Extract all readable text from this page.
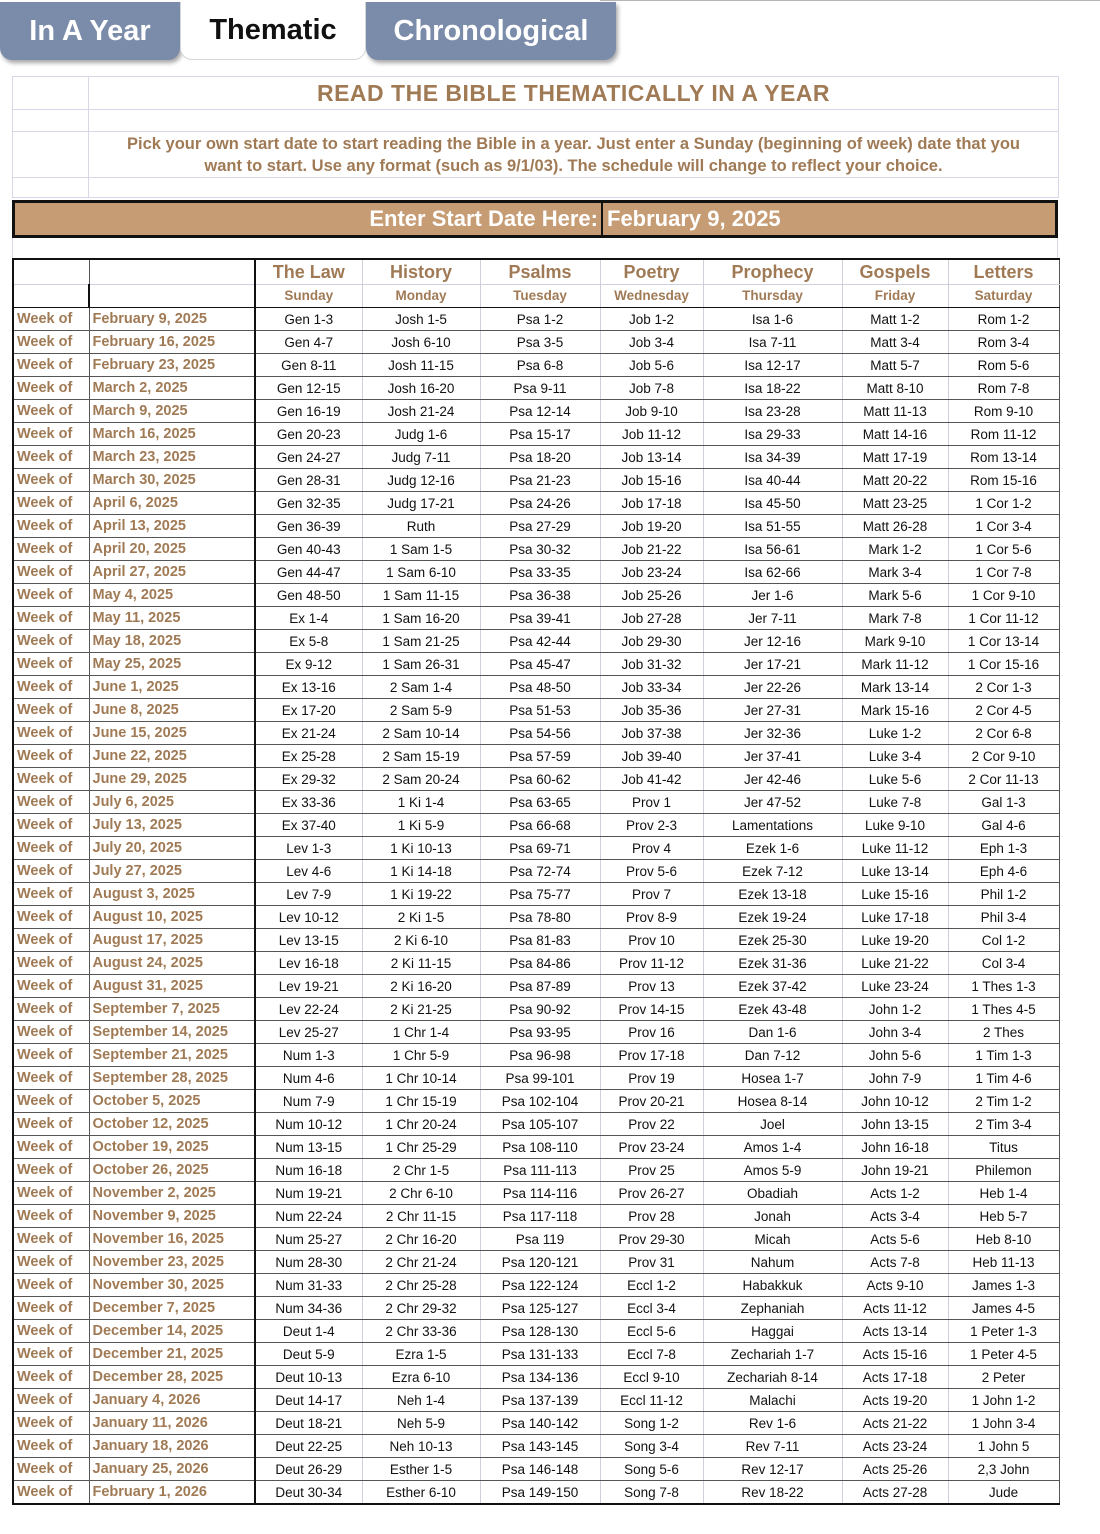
In A Year	Thematic	Chronological
	READ THE BIBLE THEMATICALLY IN A YEAR

	Pick your own start date to start reading the Bible in a year. Just enter a Sunday (beginning of week) date that you
want to start. Use any format (such as 9/1/03). The schedule will change to reflect your choice.

Enter Start Date Here: February 9, 2025
		The Law	History	Psalms	Poetry	Prophecy	Gospels	Letters
		Sunday	Monday	Tuesday	Wednesday	Thursday	Friday	Saturday
Week of	February 9, 2025	Gen 1-3	Josh 1-5	Psa 1-2	Job 1-2	Isa 1-6	Matt 1-2	Rom 1-2
Week of	February 16, 2025	Gen 4-7	Josh 6-10	Psa 3-5	Job 3-4	Isa 7-11	Matt 3-4	Rom 3-4
Week of	February 23, 2025	Gen 8-11	Josh 11-15	Psa 6-8	Job 5-6	Isa 12-17	Matt 5-7	Rom 5-6
Week of	March 2, 2025	Gen 12-15	Josh 16-20	Psa 9-11	Job 7-8	Isa 18-22	Matt 8-10	Rom 7-8
Week of	March 9, 2025	Gen 16-19	Josh 21-24	Psa 12-14	Job 9-10	Isa 23-28	Matt 11-13	Rom 9-10
Week of	March 16, 2025	Gen 20-23	Judg 1-6	Psa 15-17	Job 11-12	Isa 29-33	Matt 14-16	Rom 11-12
Week of	March 23, 2025	Gen 24-27	Judg 7-11	Psa 18-20	Job 13-14	Isa 34-39	Matt 17-19	Rom 13-14
Week of	March 30, 2025	Gen 28-31	Judg 12-16	Psa 21-23	Job 15-16	Isa 40-44	Matt 20-22	Rom 15-16
Week of	April 6, 2025	Gen 32-35	Judg 17-21	Psa 24-26	Job 17-18	Isa 45-50	Matt 23-25	1 Cor 1-2
Week of	April 13, 2025	Gen 36-39	Ruth	Psa 27-29	Job 19-20	Isa 51-55	Matt 26-28	1 Cor 3-4
Week of	April 20, 2025	Gen 40-43	1 Sam 1-5	Psa 30-32	Job 21-22	Isa 56-61	Mark 1-2	1 Cor 5-6
Week of	April 27, 2025	Gen 44-47	1 Sam 6-10	Psa 33-35	Job 23-24	Isa 62-66	Mark 3-4	1 Cor 7-8
Week of	May 4, 2025	Gen 48-50	1 Sam 11-15	Psa 36-38	Job 25-26	Jer 1-6	Mark 5-6	1 Cor 9-10
Week of	May 11, 2025	Ex 1-4	1 Sam 16-20	Psa 39-41	Job 27-28	Jer 7-11	Mark 7-8	1 Cor 11-12
Week of	May 18, 2025	Ex 5-8	1 Sam 21-25	Psa 42-44	Job 29-30	Jer 12-16	Mark 9-10	1 Cor 13-14
Week of	May 25, 2025	Ex 9-12	1 Sam 26-31	Psa 45-47	Job 31-32	Jer 17-21	Mark 11-12	1 Cor 15-16
Week of	June 1, 2025	Ex 13-16	2 Sam 1-4	Psa 48-50	Job 33-34	Jer 22-26	Mark 13-14	2 Cor 1-3
Week of	June 8, 2025	Ex 17-20	2 Sam 5-9	Psa 51-53	Job 35-36	Jer 27-31	Mark 15-16	2 Cor 4-5
Week of	June 15, 2025	Ex 21-24	2 Sam 10-14	Psa 54-56	Job 37-38	Jer 32-36	Luke 1-2	2 Cor 6-8
Week of	June 22, 2025	Ex 25-28	2 Sam 15-19	Psa 57-59	Job 39-40	Jer 37-41	Luke 3-4	2 Cor 9-10
Week of	June 29, 2025	Ex 29-32	2 Sam 20-24	Psa 60-62	Job 41-42	Jer 42-46	Luke 5-6	2 Cor 11-13
Week of	July 6, 2025	Ex 33-36	1 Ki 1-4	Psa 63-65	Prov 1	Jer 47-52	Luke 7-8	Gal 1-3
Week of	July 13, 2025	Ex 37-40	1 Ki 5-9	Psa 66-68	Prov 2-3	Lamentations	Luke 9-10	Gal 4-6
Week of	July 20, 2025	Lev 1-3	1 Ki 10-13	Psa 69-71	Prov 4	Ezek 1-6	Luke 11-12	Eph 1-3
Week of	July 27, 2025	Lev 4-6	1 Ki 14-18	Psa 72-74	Prov 5-6	Ezek 7-12	Luke 13-14	Eph 4-6
Week of	August 3, 2025	Lev 7-9	1 Ki 19-22	Psa 75-77	Prov 7	Ezek 13-18	Luke 15-16	Phil 1-2
Week of	August 10, 2025	Lev 10-12	2 Ki 1-5	Psa 78-80	Prov 8-9	Ezek 19-24	Luke 17-18	Phil 3-4
Week of	August 17, 2025	Lev 13-15	2 Ki 6-10	Psa 81-83	Prov 10	Ezek 25-30	Luke 19-20	Col 1-2
Week of	August 24, 2025	Lev 16-18	2 Ki 11-15	Psa 84-86	Prov 11-12	Ezek 31-36	Luke 21-22	Col 3-4
Week of	August 31, 2025	Lev 19-21	2 Ki 16-20	Psa 87-89	Prov 13	Ezek 37-42	Luke 23-24	1 Thes 1-3
Week of	September 7, 2025	Lev 22-24	2 Ki 21-25	Psa 90-92	Prov 14-15	Ezek 43-48	John 1-2	1 Thes 4-5
Week of	September 14, 2025	Lev 25-27	1 Chr 1-4	Psa 93-95	Prov 16	Dan 1-6	John 3-4	2 Thes
Week of	September 21, 2025	Num 1-3	1 Chr 5-9	Psa 96-98	Prov 17-18	Dan 7-12	John 5-6	1 Tim 1-3
Week of	September 28, 2025	Num 4-6	1 Chr 10-14	Psa 99-101	Prov 19	Hosea 1-7	John 7-9	1 Tim 4-6
Week of	October 5, 2025	Num 7-9	1 Chr 15-19	Psa 102-104	Prov 20-21	Hosea 8-14	John 10-12	2 Tim 1-2
Week of	October 12, 2025	Num 10-12	1 Chr 20-24	Psa 105-107	Prov 22	Joel	John 13-15	2 Tim 3-4
Week of	October 19, 2025	Num 13-15	1 Chr 25-29	Psa 108-110	Prov 23-24	Amos 1-4	John 16-18	Titus
Week of	October 26, 2025	Num 16-18	2 Chr 1-5	Psa 111-113	Prov 25	Amos 5-9	John 19-21	Philemon
Week of	November 2, 2025	Num 19-21	2 Chr 6-10	Psa 114-116	Prov 26-27	Obadiah	Acts 1-2	Heb 1-4
Week of	November 9, 2025	Num 22-24	2 Chr 11-15	Psa 117-118	Prov 28	Jonah	Acts 3-4	Heb 5-7
Week of	November 16, 2025	Num 25-27	2 Chr 16-20	Psa 119	Prov 29-30	Micah	Acts 5-6	Heb 8-10
Week of	November 23, 2025	Num 28-30	2 Chr 21-24	Psa 120-121	Prov 31	Nahum	Acts 7-8	Heb 11-13
Week of	November 30, 2025	Num 31-33	2 Chr 25-28	Psa 122-124	Eccl 1-2	Habakkuk	Acts 9-10	James 1-3
Week of	December 7, 2025	Num 34-36	2 Chr 29-32	Psa 125-127	Eccl 3-4	Zephaniah	Acts 11-12	James 4-5
Week of	December 14, 2025	Deut 1-4	2 Chr 33-36	Psa 128-130	Eccl 5-6	Haggai	Acts 13-14	1 Peter 1-3
Week of	December 21, 2025	Deut 5-9	Ezra 1-5	Psa 131-133	Eccl 7-8	Zechariah 1-7	Acts 15-16	1 Peter 4-5
Week of	December 28, 2025	Deut 10-13	Ezra 6-10	Psa 134-136	Eccl 9-10	Zechariah 8-14	Acts 17-18	2 Peter
Week of	January 4, 2026	Deut 14-17	Neh 1-4	Psa 137-139	Eccl 11-12	Malachi	Acts 19-20	1 John 1-2
Week of	January 11, 2026	Deut 18-21	Neh 5-9	Psa 140-142	Song 1-2	Rev 1-6	Acts 21-22	1 John 3-4
Week of	January 18, 2026	Deut 22-25	Neh 10-13	Psa 143-145	Song 3-4	Rev 7-11	Acts 23-24	1 John 5
Week of	January 25, 2026	Deut 26-29	Esther 1-5	Psa 146-148	Song 5-6	Rev 12-17	Acts 25-26	2,3 John
Week of	February 1, 2026	Deut 30-34	Esther 6-10	Psa 149-150	Song 7-8	Rev 18-22	Acts 27-28	Jude
